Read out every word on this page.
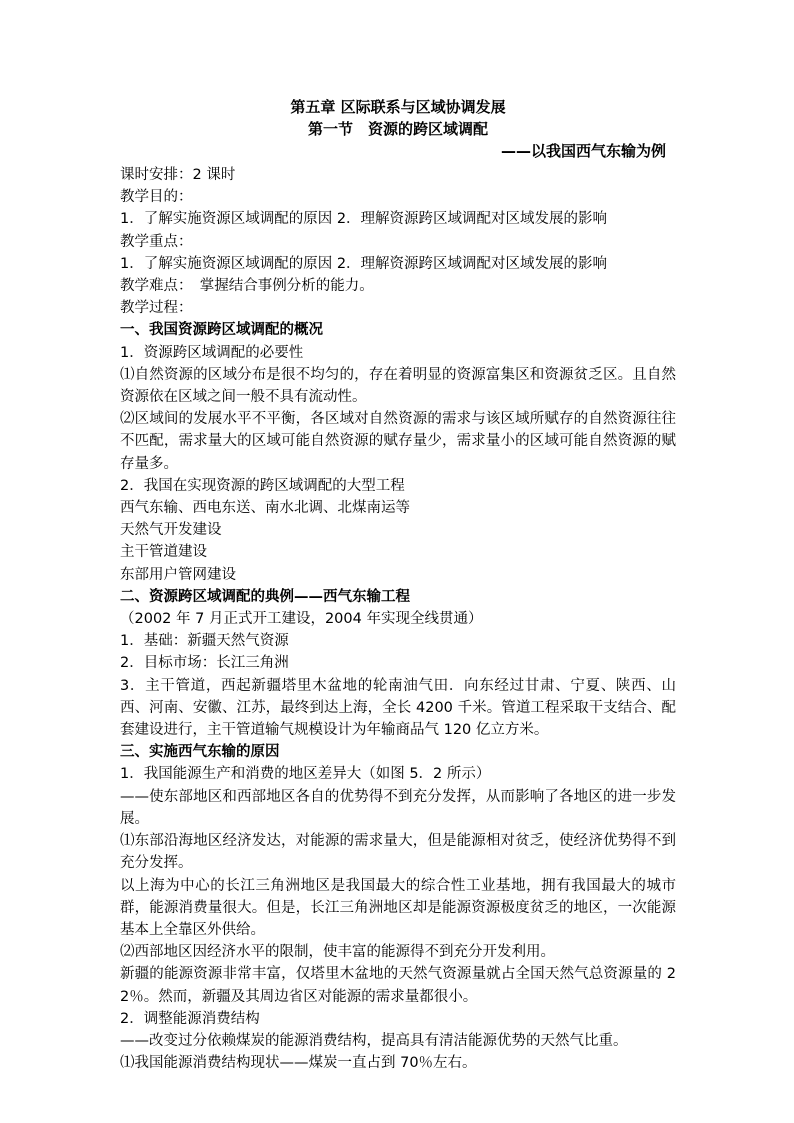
第五章 区际联系与区域协调发展

第一节　资源的跨区域调配

——以我国西气东输为例

课时安排：2 课时

教学目的：

1．了解实施资源区域调配的原因 2．理解资源跨区域调配对区域发展的影响

教学重点：

1．了解实施资源区域调配的原因 2．理解资源跨区域调配对区域发展的影响

教学难点：　掌握结合事例分析的能力。

教学过程：

一、我国资源跨区域调配的概况

1．资源跨区域调配的必要性

⑴自然资源的区域分布是很不均匀的，存在着明显的资源富集区和资源贫乏区。且自然资源依在区域之间一般不具有流动性。

⑵区域间的发展水平不平衡，各区域对自然资源的需求与该区域所赋存的自然资源往往不匹配，需求量大的区域可能自然资源的赋存量少，需求量小的区域可能自然资源的赋存量多。

2．我国在实现资源的跨区域调配的大型工程

西气东输、西电东送、南水北调、北煤南运等

天然气开发建设

主干管道建设

东部用户管网建设

二、资源跨区域调配的典例——西气东输工程

（2002 年 7 月正式开工建设，2004 年实现全线贯通）

1．基础：新疆天然气资源

2．目标市场：长江三角洲

3．主干管道，西起新疆塔里木盆地的轮南油气田．向东经过甘肃、宁夏、陕西、山西、河南、安徽、江苏，最终到达上海，全长 4200 千米。管道工程采取干支结合、配套建设进行，主干管道输气规模设计为年输商品气 120 亿立方米。

三、实施西气东输的原因

1．我国能源生产和消费的地区差异大（如图 5．2 所示）

——使东部地区和西部地区各自的优势得不到充分发挥，从而影响了各地区的进一步发展。

⑴东部沿海地区经济发达，对能源的需求量大，但是能源相对贫乏，使经济优势得不到充分发挥。

以上海为中心的长江三角洲地区是我国最大的综合性工业基地，拥有我国最大的城市群，能源消费量很大。但是，长江三角洲地区却是能源资源极度贫乏的地区，一次能源基本上全靠区外供给。

⑵西部地区因经济水平的限制，使丰富的能源得不到充分开发利用。

新疆的能源资源非常丰富，仅塔里木盆地的天然气资源量就占全国天然气总资源量的 22％。然而，新疆及其周边省区对能源的需求量都很小。

2．调整能源消费结构

——改变过分依赖煤炭的能源消费结构，提高具有清洁能源优势的天然气比重。

⑴我国能源消费结构现状——煤炭一直占到 70％左右。
